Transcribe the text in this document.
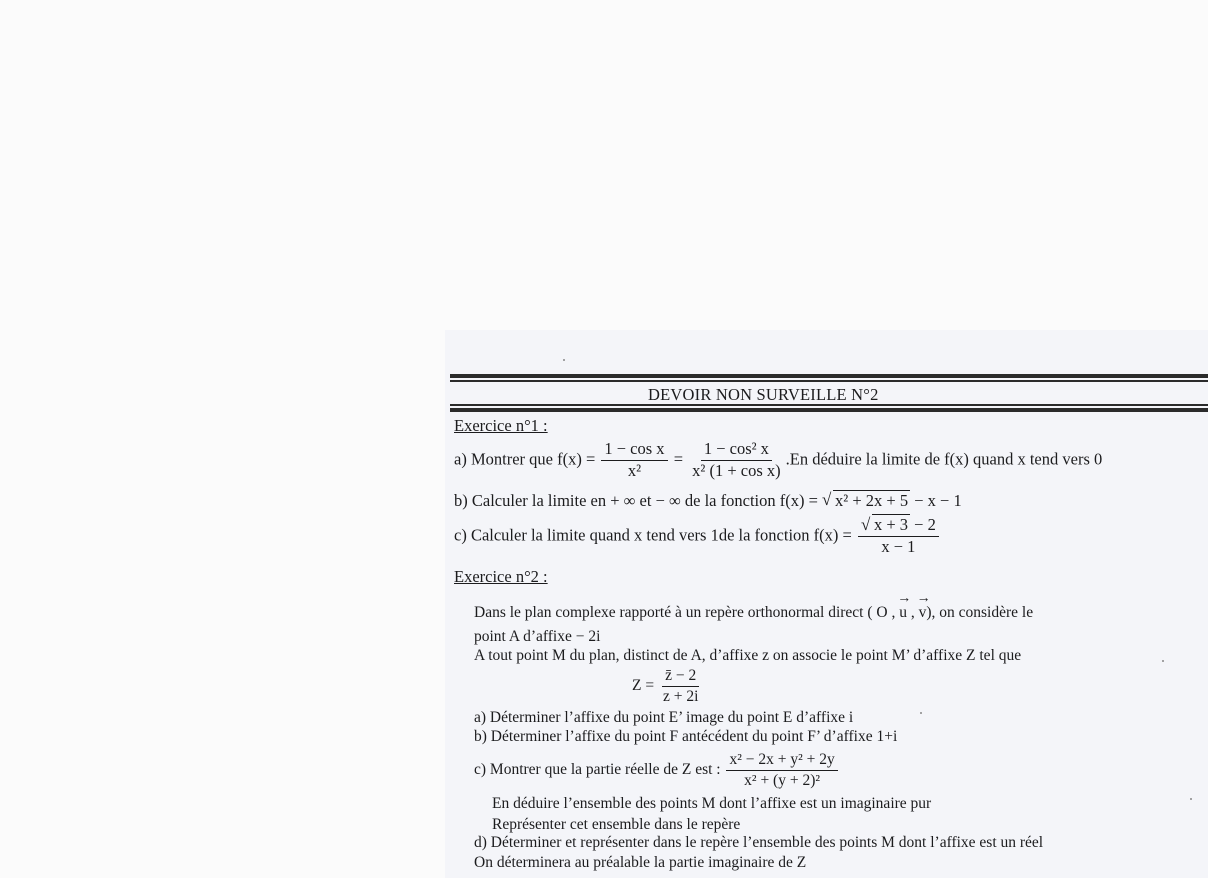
DEVOIR NON SURVEILLE N°2
Exercice n°1 :
a) Montrer que $f(x) = \frac{\text{1 − cos x}}{\text{x²}} = \frac{\text{1 − cos² x}}{\text{x² (1 + cos x)}} .En$ déduire la limite de f(x) quand x tend vers 0
b) Calculer la limite en + ∞ et − ∞ de la fonction f(x) = √ x² + 2x + 5 − x − 1
c) Calculer la limite quand x tend vers 1de la fonction f(x) = √ $\frac{x + 3 - 2}{x - 1}$
Exercice n°2 :
Dans le plan complexe rapporté à un repère orthonormal direct ( O , → u , → v), on considère le
point A d’affixe − 2i
A tout point M du plan, distinct de A, d’affixe z on associe le point M’ d’affixe Z tel que
$Z = \frac{z̄ - 2}{z + 2i}$
a) Déterminer l’affixe du point E’ image du point E d’affixe i
b) Déterminer l’affixe du point F antécédent du point F’ d’affixe 1+i
c) Montrer que la partie réelle de Z est : $\frac{\text{x² − 2x + y² + 2y}}{\text{x² + (y + 2)²}}$
En déduire l’ensemble des points M dont l’affixe est un imaginaire pur
Représenter cet ensemble dans le repère
d) Déterminer et représenter dans le repère l’ensemble des points M dont l’affixe est un réel
On déterminera au préalable la partie imaginaire de Z
